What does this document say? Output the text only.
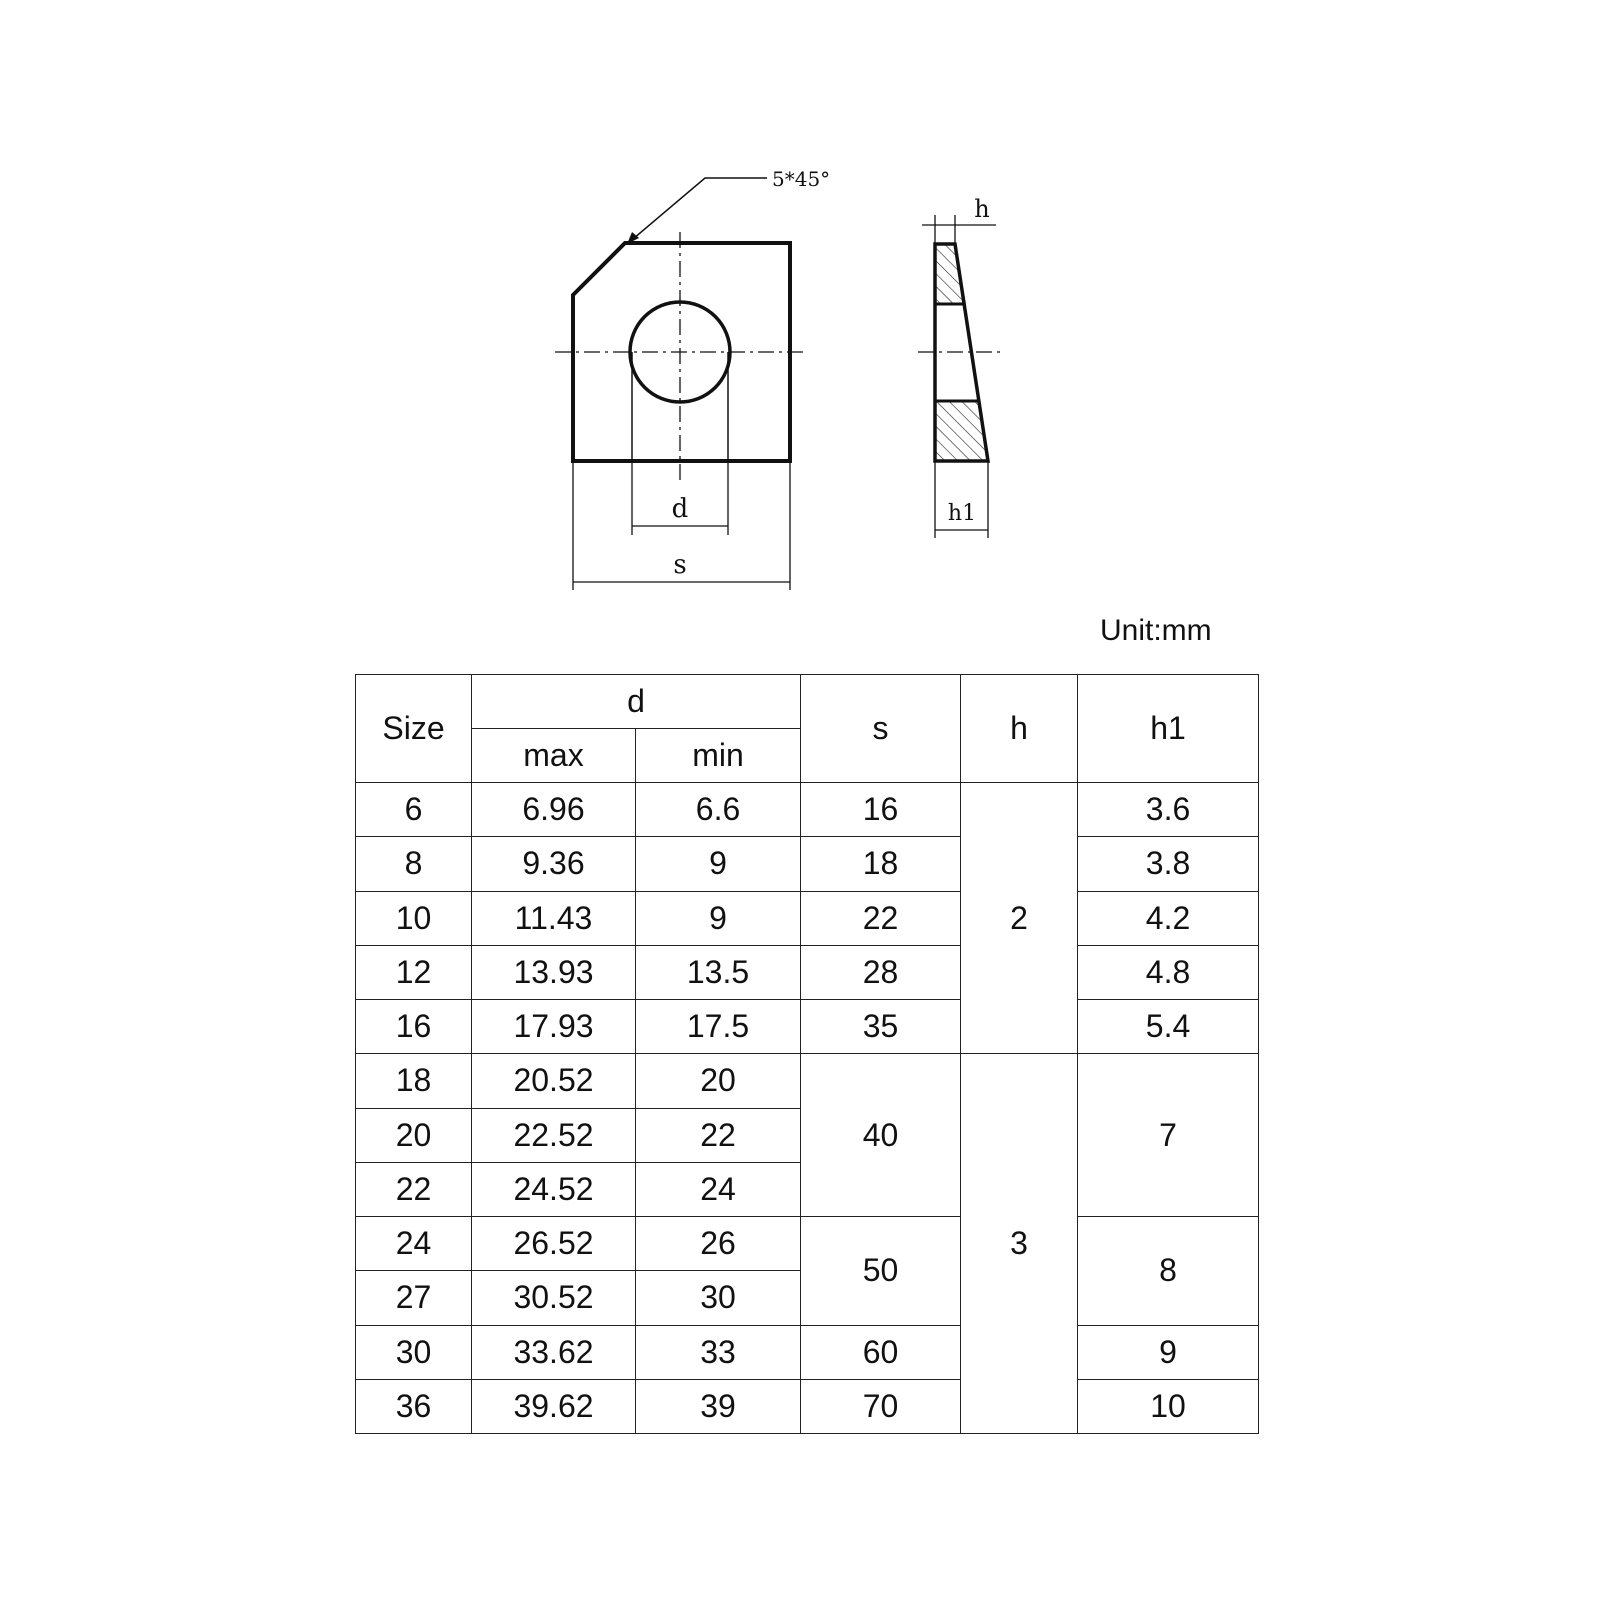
5*45°
d
s
h
h1
Unit:mm
Size	d		s	h	h1
	max	min			
6	6.96	6.6	16	2	3.6
8	9.36	9	18		3.8
10	11.43	9	22		4.2
12	13.93	13.5	28		4.8
16	17.93	17.5	35		5.4
18	20.52	20	40	3	7
20	22.52	22			
22	24.52	24			
24	26.52	26	50		8
27	30.52	30			
30	33.62	33	60		9
36	39.62	39	70		10
